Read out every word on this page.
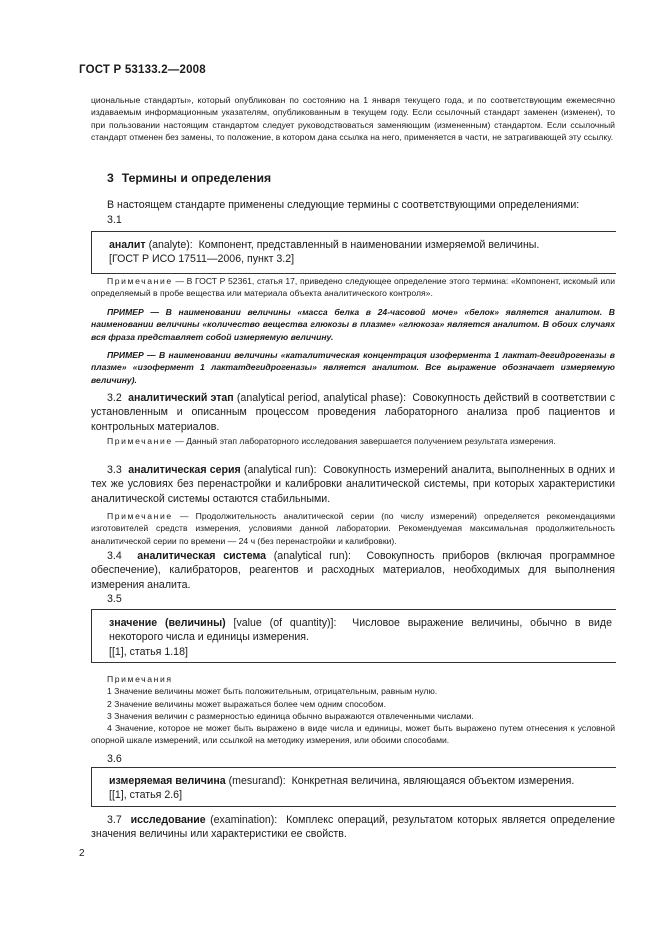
ГОСТ Р 53133.2—2008
циональные стандарты», который опубликован по состоянию на 1 января текущего года, и по соответствующим ежемесячно издаваемым информационным указателям, опубликованным в текущем году. Если ссылочный стандарт заменен (изменен), то при пользовании настоящим стандартом следует руководствоваться заменяющим (измененным) стандартом. Если ссылочный стандарт отменен без замены, то положение, в котором дана ссылка на него, применяется в части, не затрагивающей эту ссылку.
3 Термины и определения
В настоящем стандарте применены следующие термины с соответствующими определениями:
3.1
аналит (analyte): Компонент, представленный в наименовании измеряемой величины.
[ГОСТ Р ИСО 17511—2006, пункт 3.2]
Примечание — В ГОСТ Р 52361, статья 17, приведено следующее определение этого термина: «Компонент, искомый или определяемый в пробе вещества или материала объекта аналитического контроля».
ПРИМЕР — В наименовании величины «масса белка в 24-часовой моче» «белок» является аналитом. В наименовании величины «количество вещества глюкозы в плазме» «глюкоза» является аналитом. В обоих случаях вся фраза представляет собой измеряемую величину.
ПРИМЕР — В наименовании величины «каталитическая концентрация изофермента 1 лактат-дегидрогеназы в плазме» «изофермент 1 лактатдегидрогеназы» является аналитом. Все выражение обозначает измеряемую величину).
3.2 аналитический этап (analytical period, analytical phase): Совокупность действий в соответствии с установленным и описанным процессом проведения лабораторного анализа проб пациентов и контрольных материалов.
Примечание — Данный этап лабораторного исследования завершается получением результата измерения.
3.3 аналитическая серия (analytical run): Совокупность измерений аналита, выполненных в одних и тех же условиях без перенастройки и калибровки аналитической системы, при которых характеристики аналитической системы остаются стабильными.
Примечание — Продолжительность аналитической серии (по числу измерений) определяется рекомендациями изготовителей средств измерения, условиями данной лаборатории. Рекомендуемая максимальная продолжительность аналитической серии по времени — 24 ч (без перенастройки и калибровки).
3.4 аналитическая система (analytical run): Совокупность приборов (включая программное обеспечение), калибраторов, реагентов и расходных материалов, необходимых для выполнения измерения аналита.
3.5
значение (величины) [value (of quantity)]: Числовое выражение величины, обычно в виде некоторого числа и единицы измерения.
[[1], статья 1.18]
Примечания
1 Значение величины может быть положительным, отрицательным, равным нулю.
2 Значение величины может выражаться более чем одним способом.
3 Значения величин с размерностью единица обычно выражаются отвлеченными числами.
4 Значение, которое не может быть выражено в виде числа и единицы, может быть выражено путем отнесения к условной опорной шкале измерений, или ссылкой на методику измерения, или обоими способами.
3.6
измеряемая величина (mesurand): Конкретная величина, являющаяся объектом измерения.
[[1], статья 2.6]
3.7 исследование (examination): Комплекс операций, результатом которых является определение значения величины или характеристики ее свойств.
2
